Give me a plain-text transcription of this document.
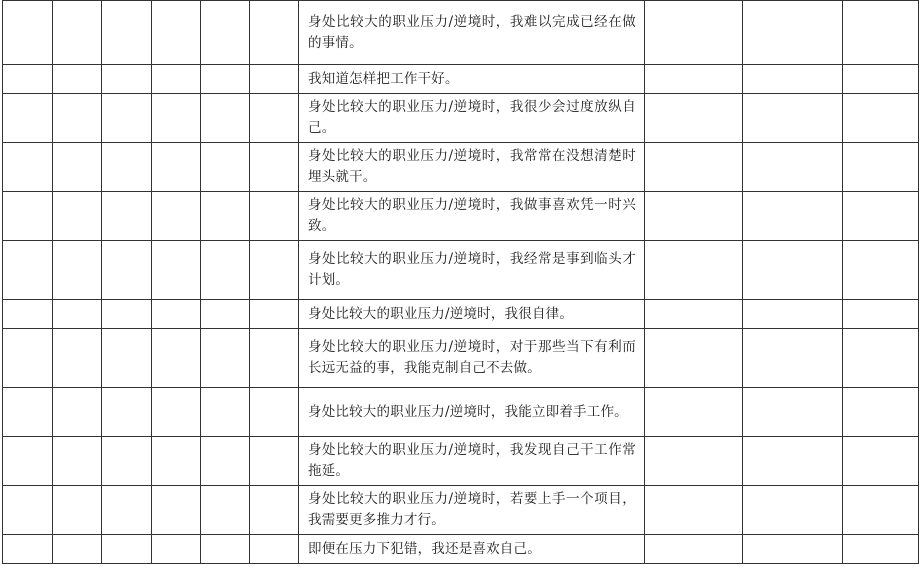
						身处比较大的职业压力/逆境时，我难以完成已经在做的事情。			
						我知道怎样把工作干好。			
						身处比较大的职业压力/逆境时，我很少会过度放纵自己。			
						身处比较大的职业压力/逆境时，我常常在没想清楚时埋头就干。			
						身处比较大的职业压力/逆境时，我做事喜欢凭一时兴致。			
						身处比较大的职业压力/逆境时，我经常是事到临头才计划。			
						身处比较大的职业压力/逆境时，我很自律。			
						身处比较大的职业压力/逆境时，对于那些当下有利而长远无益的事，我能克制自己不去做。			
						身处比较大的职业压力/逆境时，我能立即着手工作。			
						身处比较大的职业压力/逆境时，我发现自己干工作常拖延。			
						身处比较大的职业压力/逆境时，若要上手一个项目，我需要更多推力才行。			
						即便在压力下犯错，我还是喜欢自己。			
